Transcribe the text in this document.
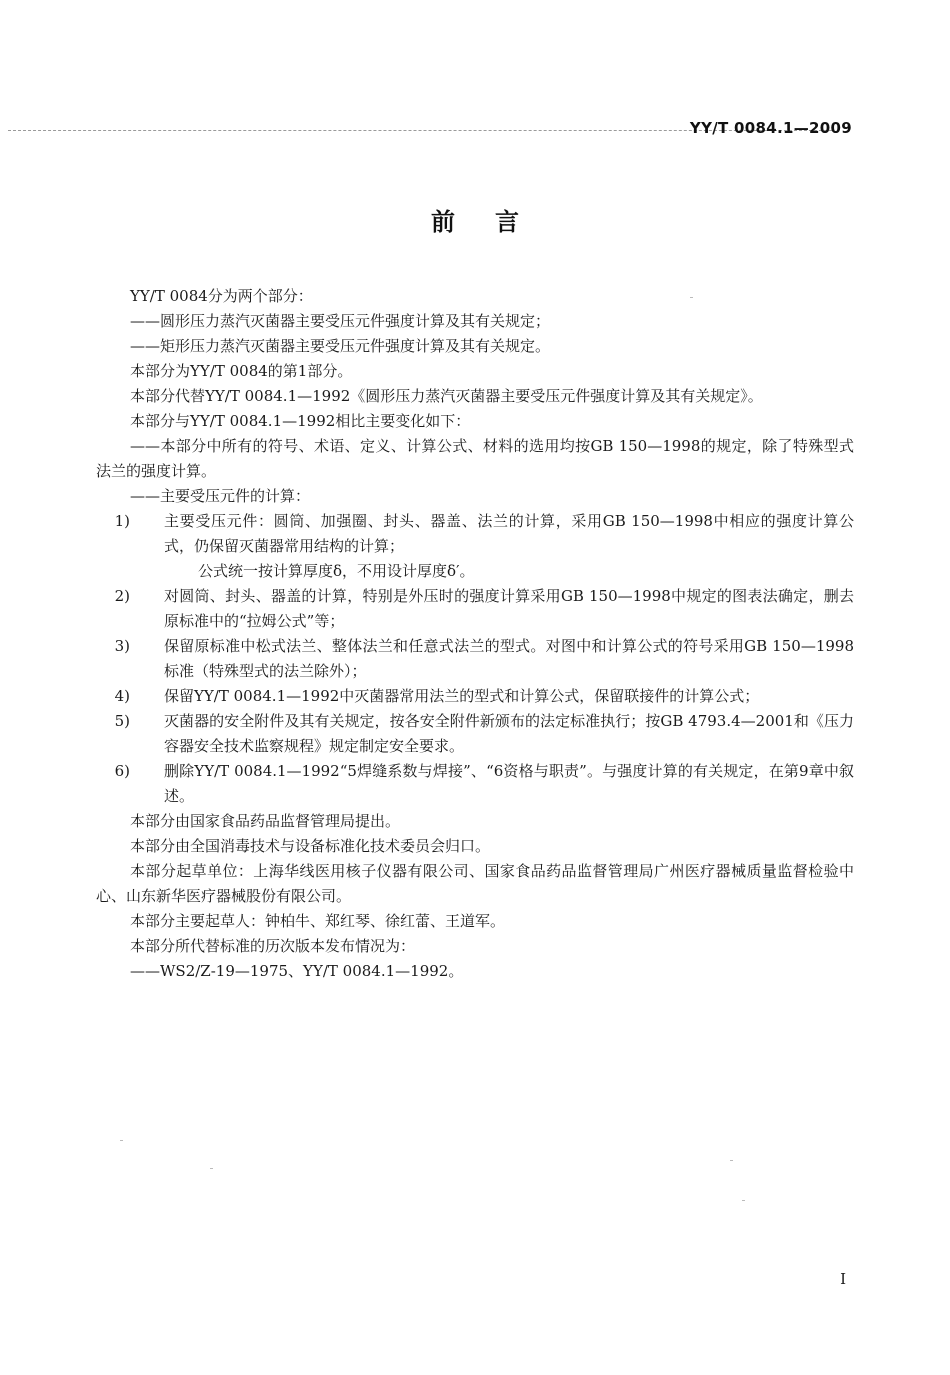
YY/T 0084.1—2009
前言

YY/T 0084分为两个部分：

——圆形压力蒸汽灭菌器主要受压元件强度计算及其有关规定；

——矩形压力蒸汽灭菌器主要受压元件强度计算及其有关规定。

本部分为YY/T 0084的第1部分。

本部分代替YY/T 0084.1—1992《圆形压力蒸汽灭菌器主要受压元件强度计算及其有关规定》。

本部分与YY/T 0084.1—1992相比主要变化如下：

——本部分中所有的符号、术语、定义、计算公式、材料的选用均按GB 150—1998的规定，除了特殊型式法兰的强度计算。

——主要受压元件的计算：

1)	主要受压元件：圆筒、加强圈、封头、器盖、法兰的计算，采用GB 150—1998中相应的强度计算公式，仍保留灭菌器常用结构的计算；

公式统一按计算厚度δ，不用设计厚度δ′。

2)	对圆筒、封头、器盖的计算，特别是外压时的强度计算采用GB 150—1998中规定的图表法确定，删去原标准中的“拉姆公式”等；
3)	保留原标准中松式法兰、整体法兰和任意式法兰的型式。对图中和计算公式的符号采用GB 150—1998标准（特殊型式的法兰除外）；
4)	保留YY/T 0084.1—1992中灭菌器常用法兰的型式和计算公式，保留联接件的计算公式；
5)	灭菌器的安全附件及其有关规定，按各安全附件新颁布的法定标准执行；按GB 4793.4—2001和《压力容器安全技术监察规程》规定制定安全要求。
6)	删除YY/T 0084.1—1992“5焊缝系数与焊接”、“6资格与职责”。与强度计算的有关规定，在第9章中叙述。

本部分由国家食品药品监督管理局提出。

本部分由全国消毒技术与设备标准化技术委员会归口。

本部分起草单位：上海华线医用核子仪器有限公司、国家食品药品监督管理局广州医疗器械质量监督检验中心、山东新华医疗器械股份有限公司。

本部分主要起草人：钟柏牛、郑红琴、徐红蕾、王道军。

本部分所代替标准的历次版本发布情况为：

——WS2/Z-19—1975、YY/T 0084.1—1992。

I
